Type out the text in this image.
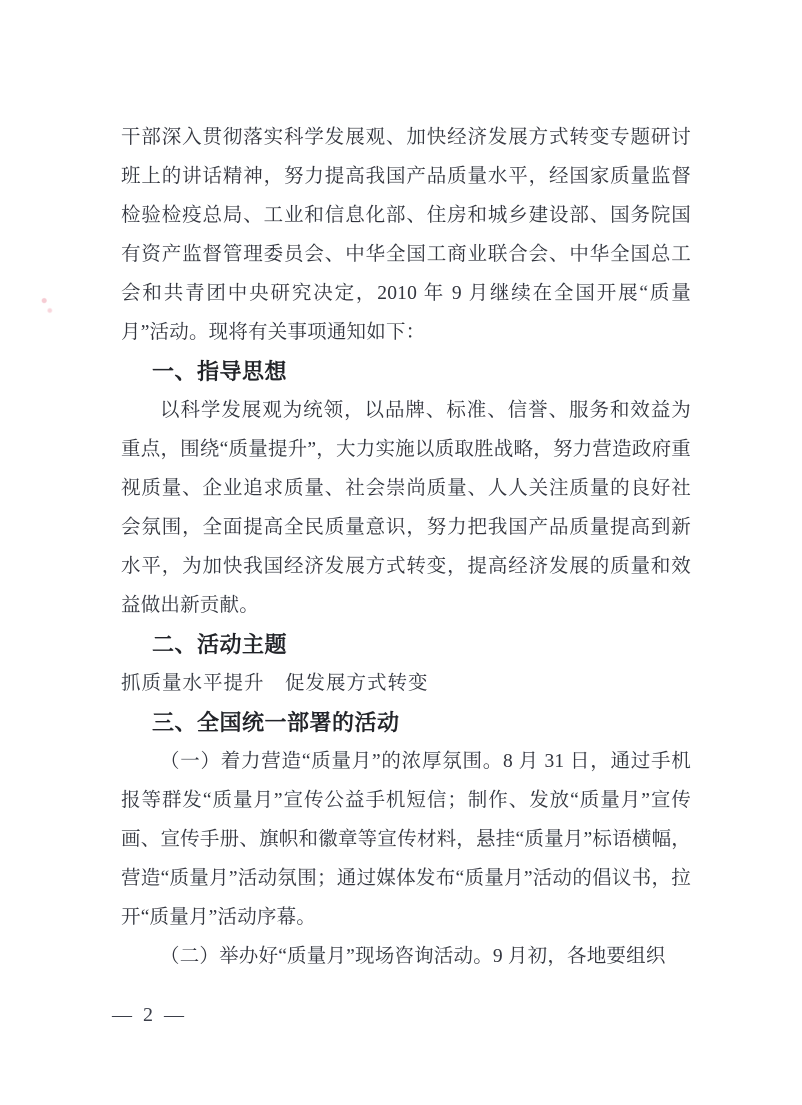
干部深入贯彻落实科学发展观、加快经济发展方式转变专题研讨班上的讲话精神，努力提高我国产品质量水平，经国家质量监督检验检疫总局、工业和信息化部、住房和城乡建设部、国务院国有资产监督管理委员会、中华全国工商业联合会、中华全国总工会和共青团中央研究决定，2010 年 9 月继续在全国开展“质量月”活动。现将有关事项通知如下：

一、指导思想

以科学发展观为统领，以品牌、标准、信誉、服务和效益为重点，围绕“质量提升”，大力实施以质取胜战略，努力营造政府重视质量、企业追求质量、社会崇尚质量、人人关注质量的良好社会氛围，全面提高全民质量意识，努力把我国产品质量提高到新水平，为加快我国经济发展方式转变，提高经济发展的质量和效益做出新贡献。

二、活动主题

抓质量水平提升　促发展方式转变

三、全国统一部署的活动

（一）着力营造“质量月”的浓厚氛围。8 月 31 日，通过手机报等群发“质量月”宣传公益手机短信；制作、发放“质量月”宣传画、宣传手册、旗帜和徽章等宣传材料，悬挂“质量月”标语横幅，营造“质量月”活动氛围；通过媒体发布“质量月”活动的倡议书，拉开“质量月”活动序幕。

（二）举办好“质量月”现场咨询活动。9 月初，各地要组织

— 2 —
